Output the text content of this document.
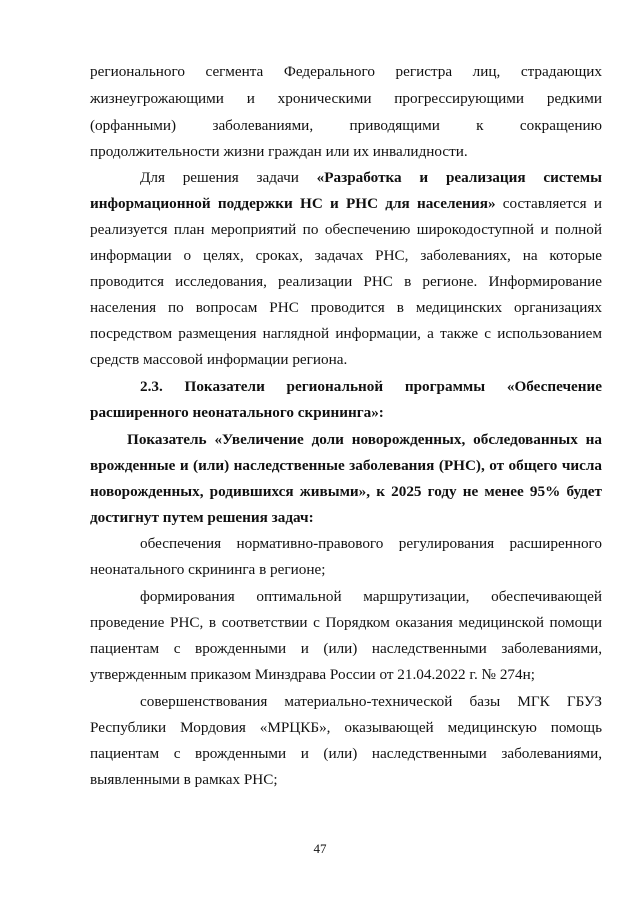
регионального сегмента Федерального регистра лиц, страдающих
жизнеугрожающими и хроническими прогрессирующими редкими
(орфанными) заболеваниями, приводящими к сокращению
продолжительности жизни граждан или их инвалидности.
Для решения задачи «Разработка и реализация системы
информационной поддержки НС и РНС для населения» составляется и
реализуется план мероприятий по обеспечению широкодоступной и полной
информации о целях, сроках, задачах РНС, заболеваниях, на которые
проводится исследования, реализации РНС в регионе. Информирование
населения по вопросам РНС проводится в медицинских организациях
посредством размещения наглядной информации, а также с использованием
средств массовой информации региона.
2.3. Показатели региональной программы «Обеспечение
расширенного неонатального скрининга»:
Показатель «Увеличение доли новорожденных, обследованных на
врожденные и (или) наследственные заболевания (РНС), от общего числа
новорожденных, родившихся живыми», к 2025 году не менее 95% будет
достигнут путем решения задач:
обеспечения нормативно-правового регулирования расширенного
неонатального скрининга в регионе;
формирования оптимальной маршрутизации, обеспечивающей
проведение РНС, в соответствии с Порядком оказания медицинской помощи
пациентам с врожденными и (или) наследственными заболеваниями,
утвержденным приказом Минздрава России от 21.04.2022 г. № 274н;
совершенствования материально-технической базы МГК ГБУЗ
Республики Мордовия «МРЦКБ», оказывающей медицинскую помощь
пациентам с врожденными и (или) наследственными заболеваниями,
выявленными в рамках РНС;
47
